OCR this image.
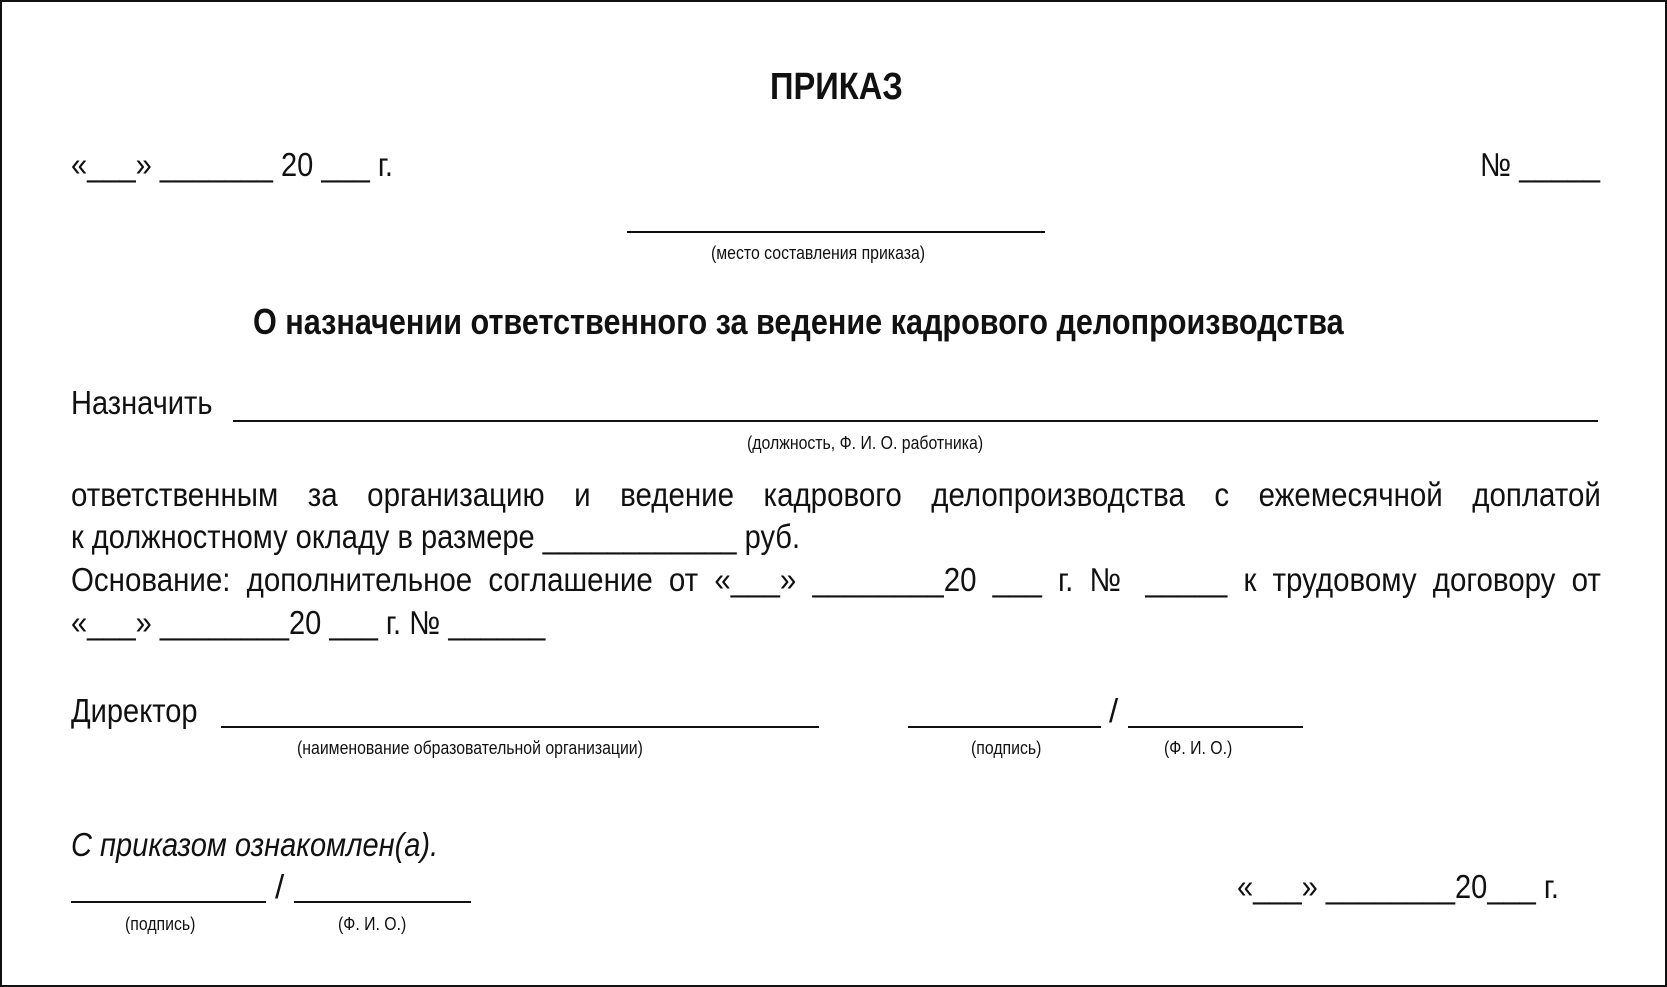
ПРИКАЗ
«___» _______ 20 ___ г.	№ _____
(место составления приказа)
О назначении ответственного за ведение кадрового делопроизводства
Назначить
(должность, Ф. И. О. работника)
ответственным за организацию и ведение кадрового делопроизводства с ежемесячной доплатой
к должностному окладу в размере ____________ руб.
Основание: дополнительное соглашение от «___» ________20 ___ г. № _____ к трудовому договору от
«___» ________20 ___ г. № ______
Директор	/
(наименование образовательной организации)	(подпись)	(Ф. И. О.)
С приказом ознакомлен(а).
/	«___» ________20___ г.
(подпись)	(Ф. И. О.)
